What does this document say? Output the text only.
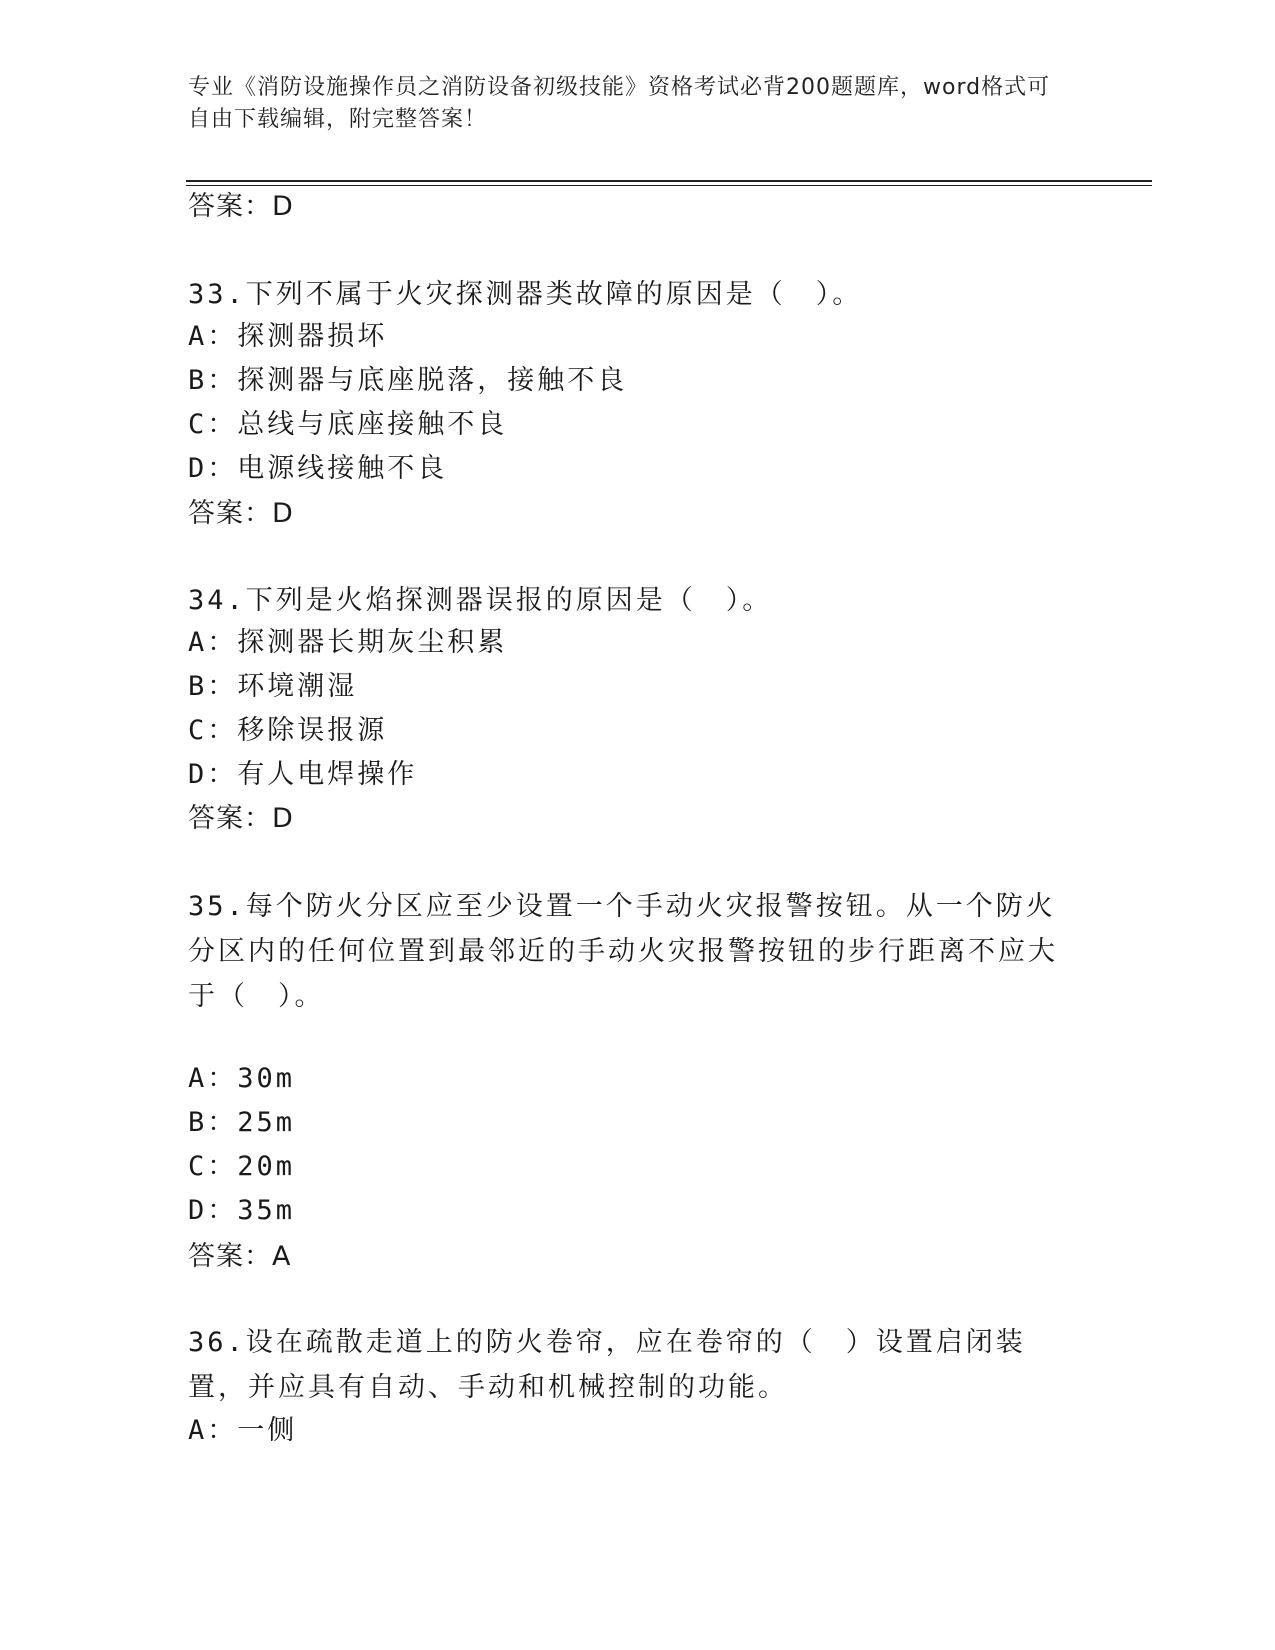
专业《消防设施操作员之消防设备初级技能》资格考试必背200题题库，word格式可自由下载编辑，附完整答案！
答案：D
33.下列不属于火灾探测器类故障的原因是（　）。
A：探测器损坏
B：探测器与底座脱落，接触不良
C：总线与底座接触不良
D：电源线接触不良
答案：D
34.下列是火焰探测器误报的原因是（　）。
A：探测器长期灰尘积累
B：环境潮湿
C：移除误报源
D：有人电焊操作
答案：D
35.每个防火分区应至少设置一个手动火灾报警按钮。从一个防火分区内的任何位置到最邻近的手动火灾报警按钮的步行距离不应大于（　）。
A：30m
B：25m
C：20m
D：35m
答案：A
36.设在疏散走道上的防火卷帘，应在卷帘的（　）设置启闭装置，并应具有自动、手动和机械控制的功能。
A：一侧
